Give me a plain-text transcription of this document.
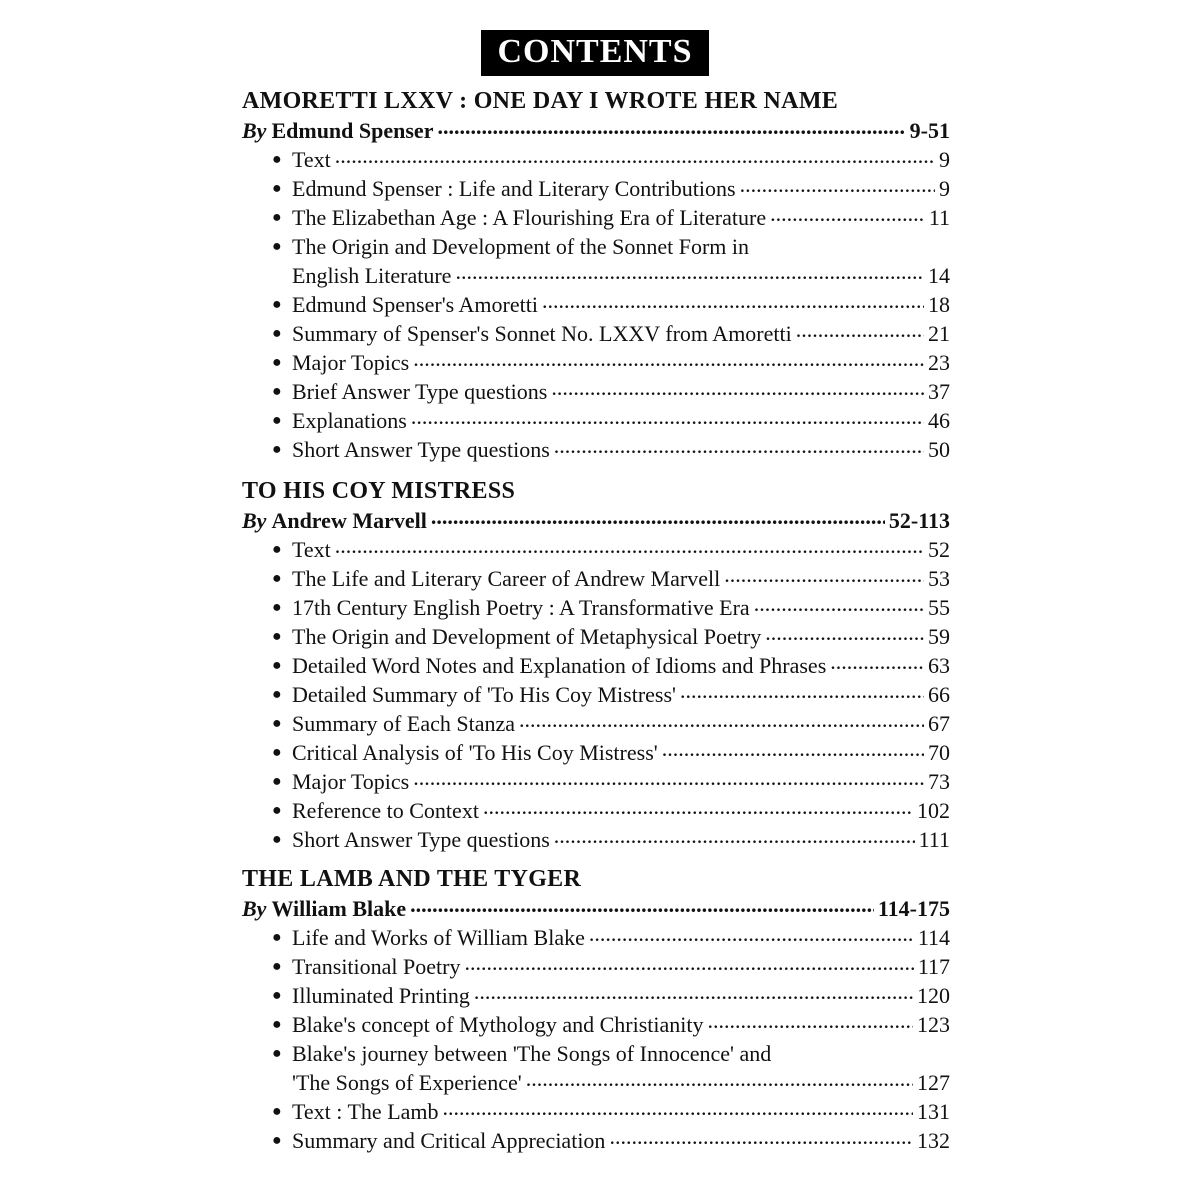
CONTENTS
AMORETTI LXXV : ONE DAY I WROTE HER NAME
By Edmund Spenser .....	9-51
● Text .....	9
● Edmund Spenser : Life and Literary Contributions .....	9
● The Elizabethan Age : A Flourishing Era of Literature .....	11
● The Origin and Development of the Sonnet Form in
English Literature .....	14
● Edmund Spenser's Amoretti .....	18
● Summary of Spenser's Sonnet No. LXXV from Amoretti .....	21
● Major Topics .....	23
● Brief Answer Type questions .....	37
● Explanations .....	46
● Short Answer Type questions .....	50
TO HIS COY MISTRESS
By Andrew Marvell .....	52-113
● Text .....	52
● The Life and Literary Career of Andrew Marvell .....	53
● 17th Century English Poetry : A Transformative Era .....	55
● The Origin and Development of Metaphysical Poetry .....	59
● Detailed Word Notes and Explanation of Idioms and Phrases .....	63
● Detailed Summary of 'To His Coy Mistress' .....	66
● Summary of Each Stanza .....	67
● Critical Analysis of 'To His Coy Mistress' .....	70
● Major Topics .....	73
● Reference to Context .....	102
● Short Answer Type questions .....	111
THE LAMB AND THE TYGER
By William Blake .....	114-175
● Life and Works of William Blake .....	114
● Transitional Poetry .....	117
● Illuminated Printing .....	120
● Blake's concept of Mythology and Christianity .....	123
● Blake's journey between 'The Songs of Innocence' and
'The Songs of Experience' .....	127
● Text : The Lamb .....	131
● Summary and Critical Appreciation .....	132
